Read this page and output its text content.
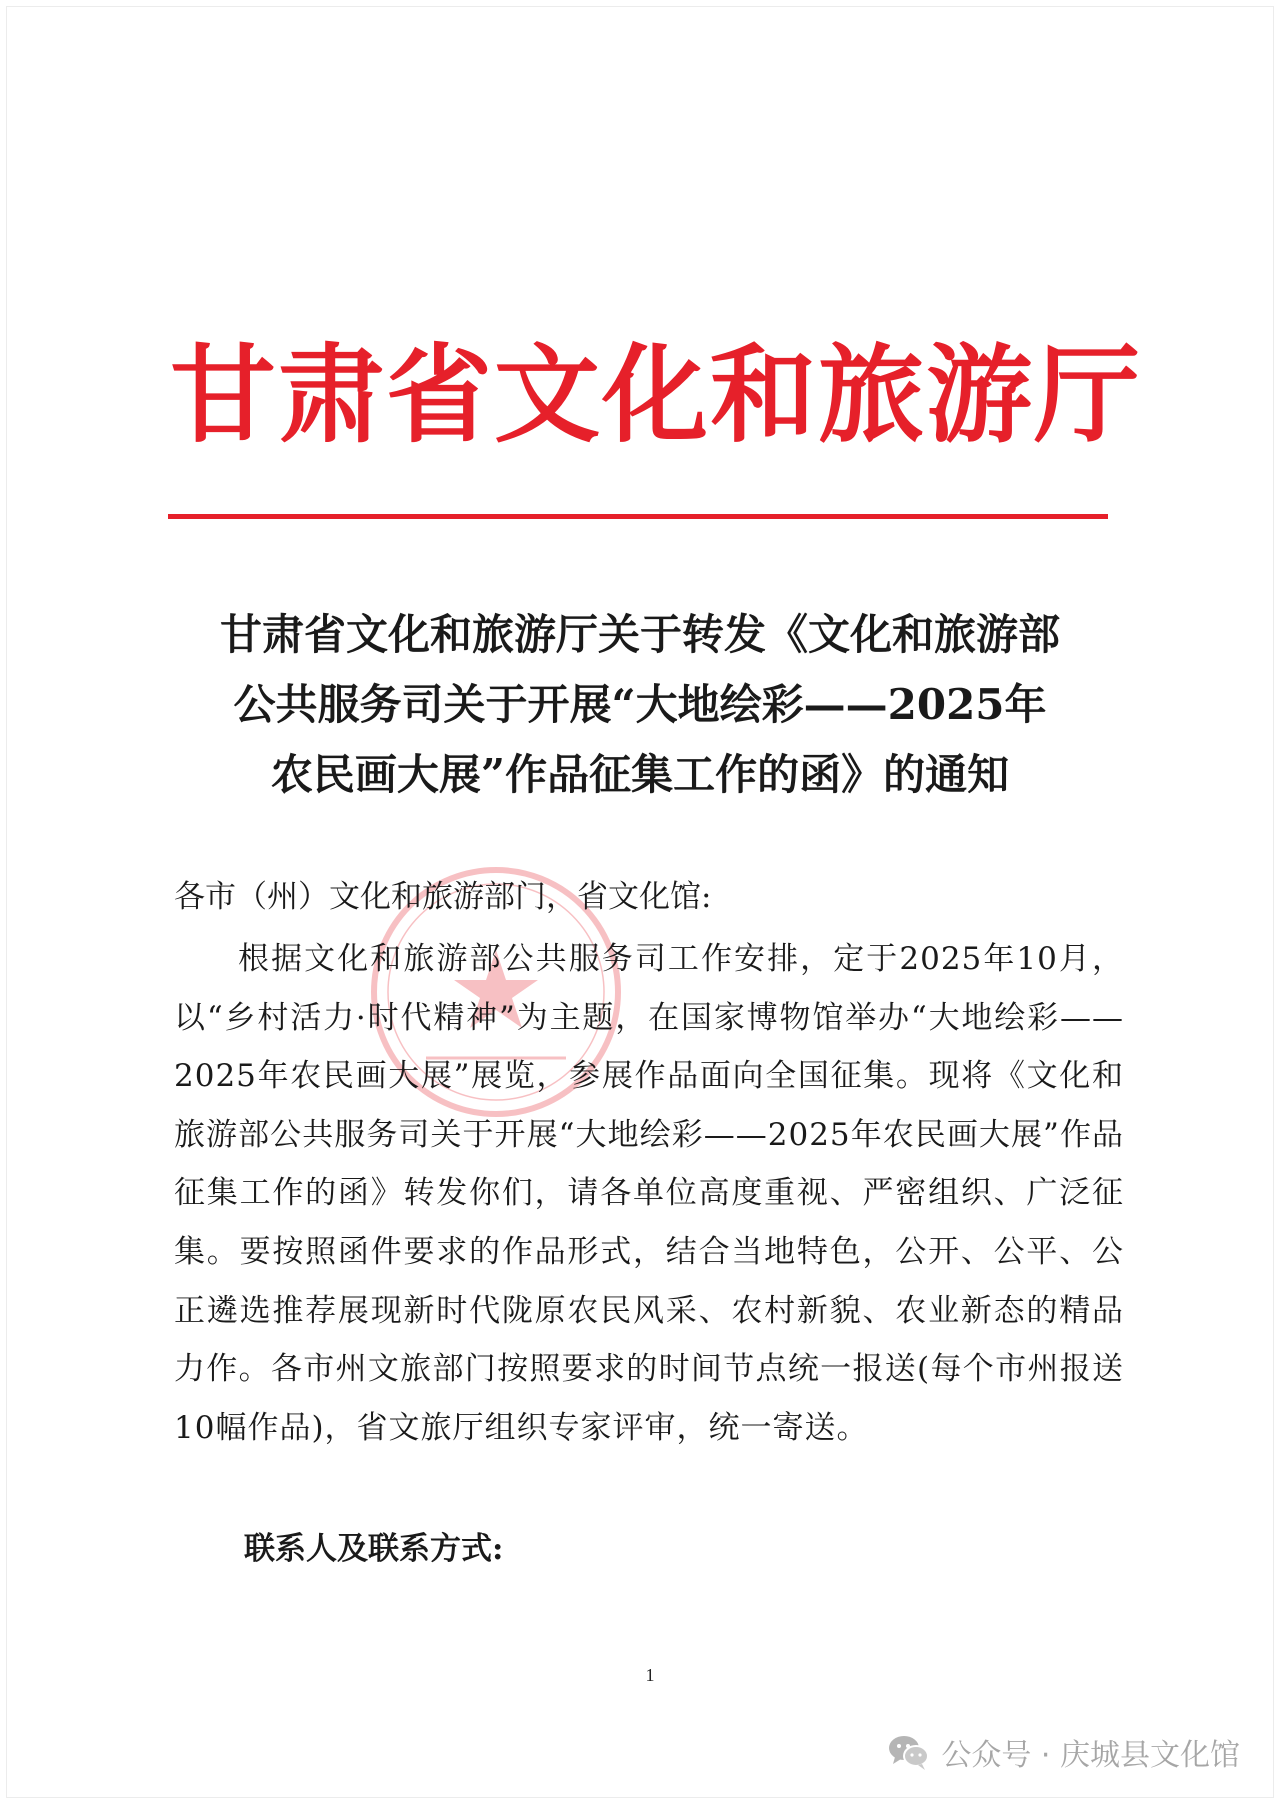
甘肃省文化和旅游厅
甘肃省文化和旅游厅关于转发《文化和旅游部
公共服务司关于开展“大地绘彩——2025年
农民画大展”作品征集工作的函》的通知
各市（州）文化和旅游部门，省文化馆:
根据文化和旅游部公共服务司工作安排，定于2025年10月，以“乡村活力·时代精神”为主题，在国家博物馆举办“大地绘彩——2025年农民画大展”展览，参展作品面向全国征集。现将《文化和旅游部公共服务司关于开展“大地绘彩——2025年农民画大展”作品征集工作的函》转发你们，请各单位高度重视、严密组织、广泛征集。要按照函件要求的作品形式，结合当地特色，公开、公平、公正遴选推荐展现新时代陇原农民风采、农村新貌、农业新态的精品力作。各市州文旅部门按照要求的时间节点统一报送(每个市州报送10幅作品)，省文旅厅组织专家评审，统一寄送。
联系人及联系方式:
1
公众号 · 庆城县文化馆
